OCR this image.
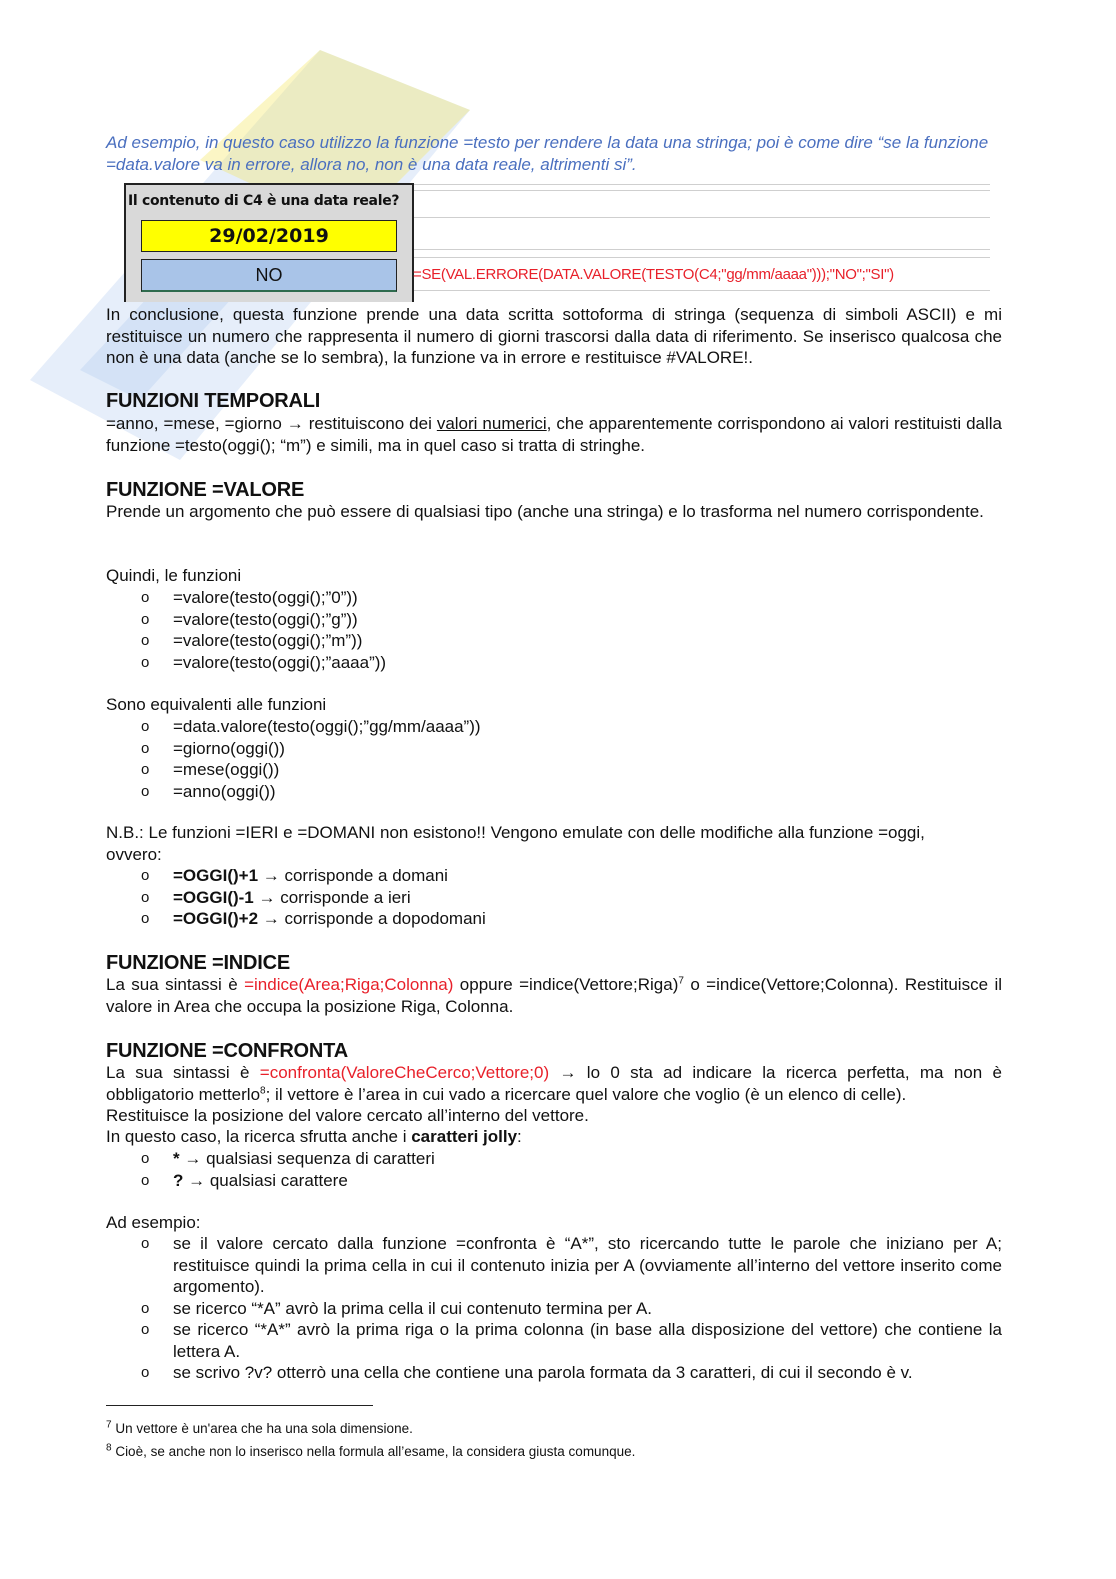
Ad esempio, in questo caso utilizzo la funzione =testo per rendere la data una stringa; poi è come dire “se la funzione =data.valore va in errore, allora no, non è una data reale, altrimenti si”.
Il contenuto di C4 è una data reale?
29/02/2019
NO	=SE(VAL.ERRORE(DATA.VALORE(TESTO(C4;"gg/mm/aaaa")));"NO";"SI")
In conclusione, questa funzione prende una data scritta sottoforma di stringa (sequenza di simboli ASCII) e mi restituisce un numero che rappresenta il numero di giorni trascorsi dalla data di riferimento. Se inserisco qualcosa che non è una data (anche se lo sembra), la funzione va in errore e restituisce #VALORE!.
FUNZIONI TEMPORALI
=anno, =mese, =giorno → restituiscono dei valori numerici, che apparentemente corrispondono ai valori restituisti dalla funzione =testo(oggi(); “m”) e simili, ma in quel caso si tratta di stringhe.
FUNZIONE =VALORE
Prende un argomento che può essere di qualsiasi tipo (anche una stringa) e lo trasforma nel numero corrispondente.
Quindi, le funzioni
o =valore(testo(oggi();”0”))
o =valore(testo(oggi();”g”))
o =valore(testo(oggi();”m”))
o =valore(testo(oggi();”aaaa”))
Sono equivalenti alle funzioni
o =data.valore(testo(oggi();”gg/mm/aaaa”))
o =giorno(oggi())
o =mese(oggi())
o =anno(oggi())
N.B.: Le funzioni =IERI e =DOMANI non esistono!! Vengono emulate con delle modifiche alla funzione =oggi, ovvero:
o =OGGI()+1 → corrisponde a domani
o =OGGI()-1 → corrisponde a ieri
o =OGGI()+2 → corrisponde a dopodomani
FUNZIONE =INDICE
La sua sintassi è =indice(Area;Riga;Colonna) oppure =indice(Vettore;Riga)$^7$ o =indice(Vettore;Colonna). Restituisce il valore in Area che occupa la posizione Riga, Colonna.
FUNZIONE =CONFRONTA
La sua sintassi è =confronta(ValoreCheCerco;Vettore;0) → lo 0 sta ad indicare la ricerca perfetta, ma non è obbligatorio metterlo$^8$; il vettore è l’area in cui vado a ricercare quel valore che voglio (è un elenco di celle).
Restituisce la posizione del valore cercato all’interno del vettore.
In questo caso, la ricerca sfrutta anche i caratteri jolly:
o * → qualsiasi sequenza di caratteri
o ? → qualsiasi carattere
Ad esempio:
o se il valore cercato dalla funzione =confronta è “A*”, sto ricercando tutte le parole che iniziano per A; restituisce quindi la prima cella in cui il contenuto inizia per A (ovviamente all’interno del vettore inserito come argomento).
o se ricerco “*A” avrò la prima cella il cui contenuto termina per A.
o se ricerco “*A*” avrò la prima riga o la prima colonna (in base alla disposizione del vettore) che contiene la lettera A.
o se scrivo ?v? otterrò una cella che contiene una parola formata da 3 caratteri, di cui il secondo è v.
$^7$ Un vettore è un'area che ha una sola dimensione.
$^8$ Cioè, se anche non lo inserisco nella formula all’esame, la considera giusta comunque.
